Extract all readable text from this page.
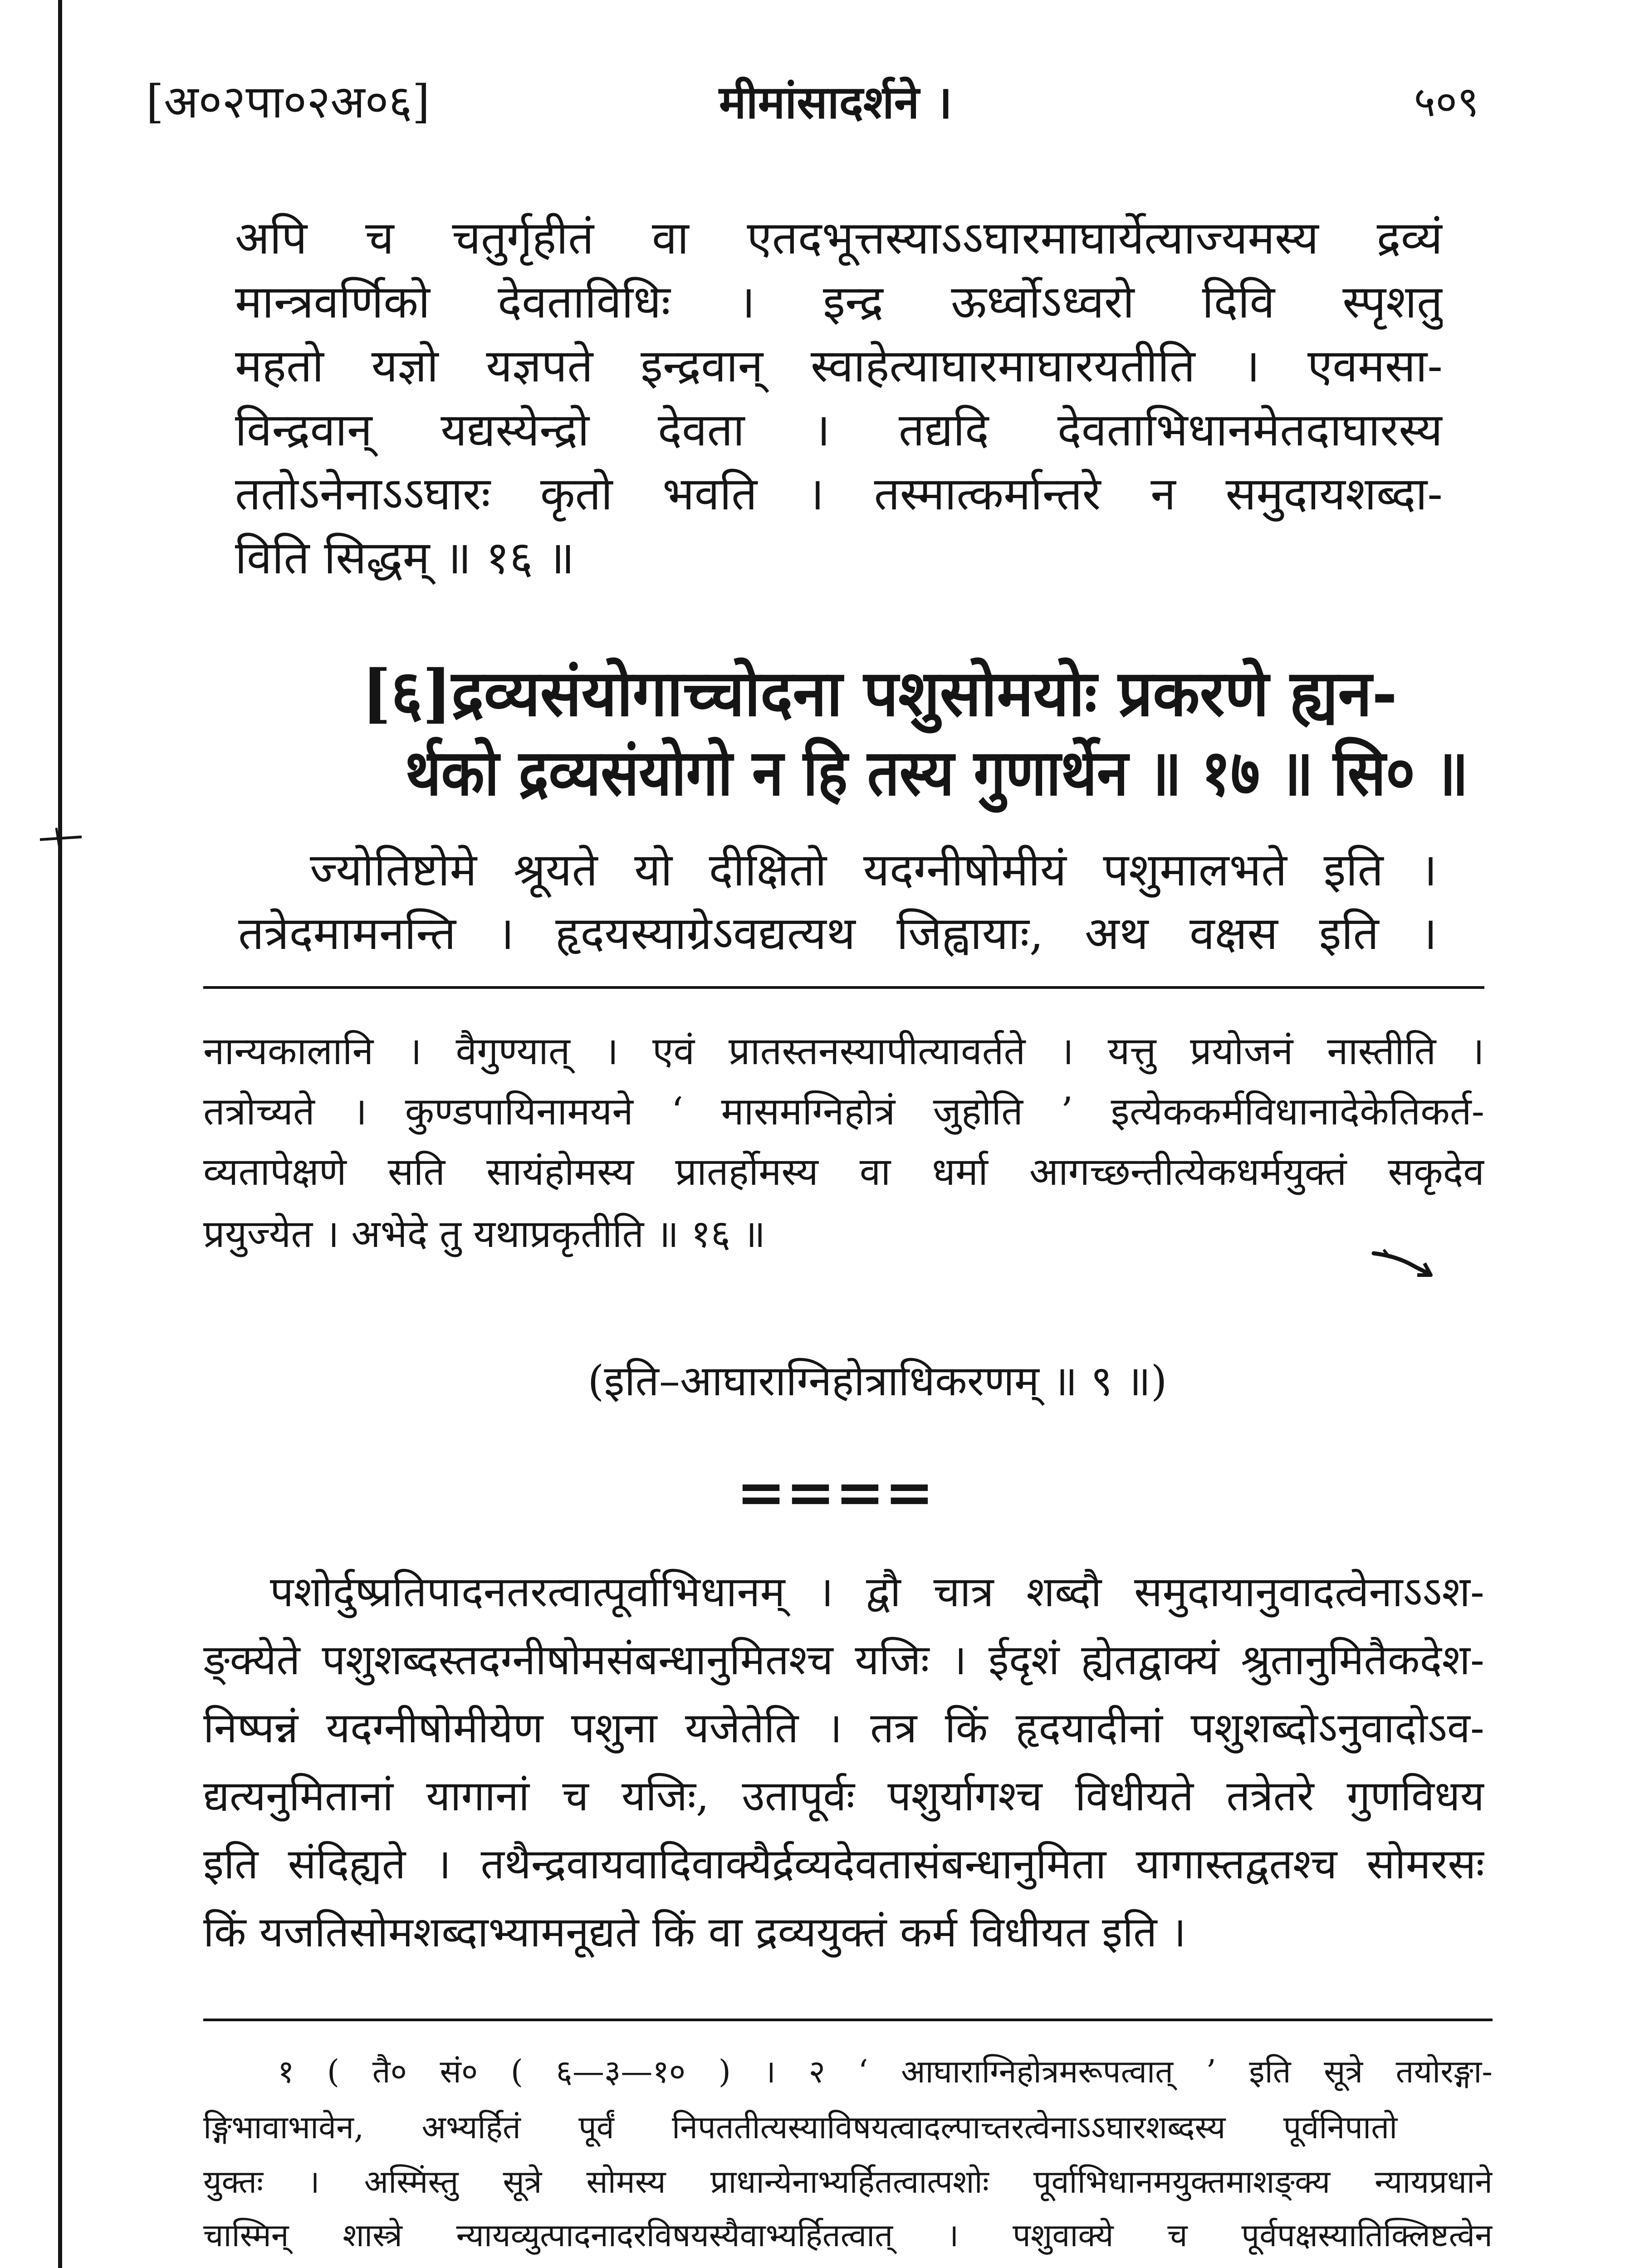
[अ०२पा०२अ०६]	मीमांसादर्शने ।	५०९
अपि च चतुर्गृहीतं वा एतदभूत्तस्याऽऽघारमाघार्येत्याज्यमस्य द्रव्यं
मान्त्रवर्णिको देवताविधिः । इन्द्र ऊर्ध्वोऽध्वरो दिवि स्पृशतु
महतो यज्ञो यज्ञपते इन्द्रवान् स्वाहेत्याघारमाघारयतीति । एवमसा-
विन्द्रवान् यद्यस्येन्द्रो देवता । तद्यदि देवताभिधानमेतदाघारस्य
ततोऽनेनाऽऽघारः कृतो भवति । तस्मात्कर्मान्तरे न समुदायशब्दा-
विति सिद्धम् ॥ १६ ॥
[६]द्रव्यसंयोगाच्चोदना पशुसोमयोः प्रकरणे ह्यन-
र्थको द्रव्यसंयोगो न हि तस्य गुणार्थेन ॥ १७ ॥ सि० ॥
ज्योतिष्टोमे श्रूयते यो दीक्षितो यदग्नीषोमीयं पशुमालभते इति ।
तत्रेदमामनन्ति । हृदयस्याग्रेऽवद्यत्यथ जिह्वायाः, अथ वक्षस इति ।
नान्यकालानि । वैगुण्यात् । एवं प्रातस्तनस्यापीत्यावर्तते । यत्तु प्रयोजनं नास्तीति ।
तत्रोच्यते । कुण्डपायिनामयने ‘ मासमग्निहोत्रं जुहोति ’ इत्येककर्मविधानादेकेतिकर्त-
व्यतापेक्षणे सति सायंहोमस्य प्रातर्होमस्य वा धर्मा आगच्छन्तीत्येकधर्मयुक्तं सकृदेव
प्रयुज्येत । अभेदे तु यथाप्रकृतीति ॥ १६ ॥
(इति–आघाराग्निहोत्राधिकरणम् ॥ ९ ॥)
====
पशोर्दुष्प्रतिपादनतरत्वात्पूर्वाभिधानम् । द्वौ चात्र शब्दौ समुदायानुवादत्वेनाऽऽश-
ङ्क्येते पशुशब्दस्तदग्नीषोमसंबन्धानुमितश्च यजिः । ईदृशं ह्येतद्वाक्यं श्रुतानुमितैकदेश-
निष्पन्नं यदग्नीषोमीयेण पशुना यजेतेति । तत्र किं हृदयादीनां पशुशब्दोऽनुवादोऽव-
द्यत्यनुमितानां यागानां च यजिः, उतापूर्वः पशुर्यागश्च विधीयते तत्रेतरे गुणविधय
इति संदिह्यते । तथैन्द्रवायवादिवाक्यैर्द्रव्यदेवतासंबन्धानुमिता यागास्तद्वतश्च सोमरसः
किं यजतिसोमशब्दाभ्यामनूद्यते किं वा द्रव्ययुक्तं कर्म विधीयत इति ।
१ ( तै० सं० ( ६—३—१० ) । २ ‘ आघाराग्निहोत्रमरूपत्वात् ’ इति सूत्रे तयोरङ्गा-
ङ्गिभावाभावेन, अभ्यर्हितं पूर्वं निपततीत्यस्याविषयत्वादल्पाच्तरत्वेनाऽऽघारशब्दस्य पूर्वनिपातो
युक्तः । अस्मिंस्तु सूत्रे सोमस्य प्राधान्येनाभ्यर्हितत्वात्पशोः पूर्वाभिधानमयुक्तमाशङ्क्य न्यायप्रधाने
चास्मिन् शास्त्रे न्यायव्युत्पादनादरविषयस्यैवाभ्यर्हितत्वात् । पशुवाक्ये च पूर्वपक्षस्यातिक्लिष्टत्वेन
